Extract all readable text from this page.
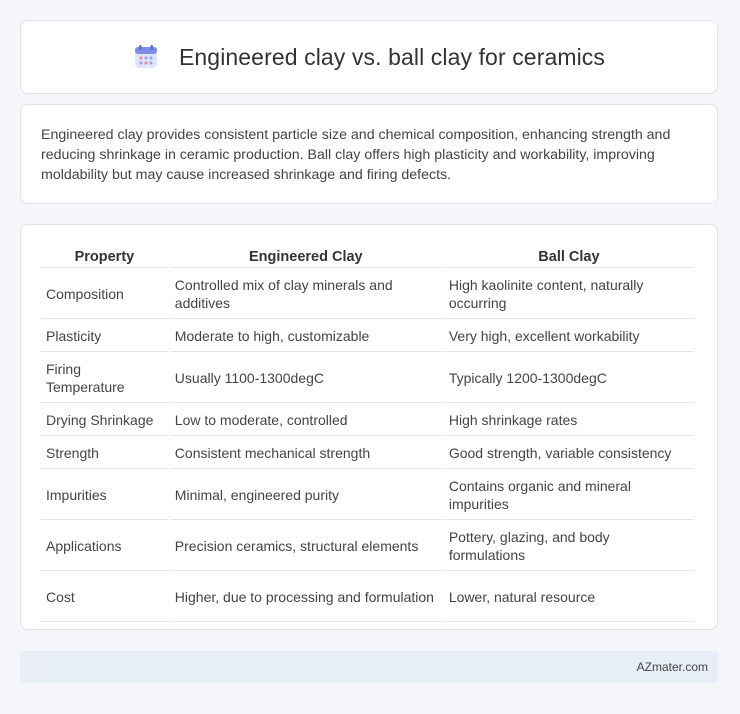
Engineered clay vs. ball clay for ceramics

Engineered clay provides consistent particle size and chemical composition, enhancing strength and reducing shrinkage in ceramic production. Ball clay offers high plasticity and workability, improving moldability but may cause increased shrinkage and firing defects.

Property	Engineered Clay	Ball Clay
Composition	Controlled mix of clay minerals and additives	High kaolinite content, naturally occurring
Plasticity	Moderate to high, customizable	Very high, excellent workability
Firing Temperature	Usually 1100-1300degC	Typically 1200-1300degC
Drying Shrinkage	Low to moderate, controlled	High shrinkage rates
Strength	Consistent mechanical strength	Good strength, variable consistency
Impurities	Minimal, engineered purity	Contains organic and mineral impurities
Applications	Precision ceramics, structural elements	Pottery, glazing, and body formulations
Cost	Higher, due to processing and formulation	Lower, natural resource
AZmater.com
